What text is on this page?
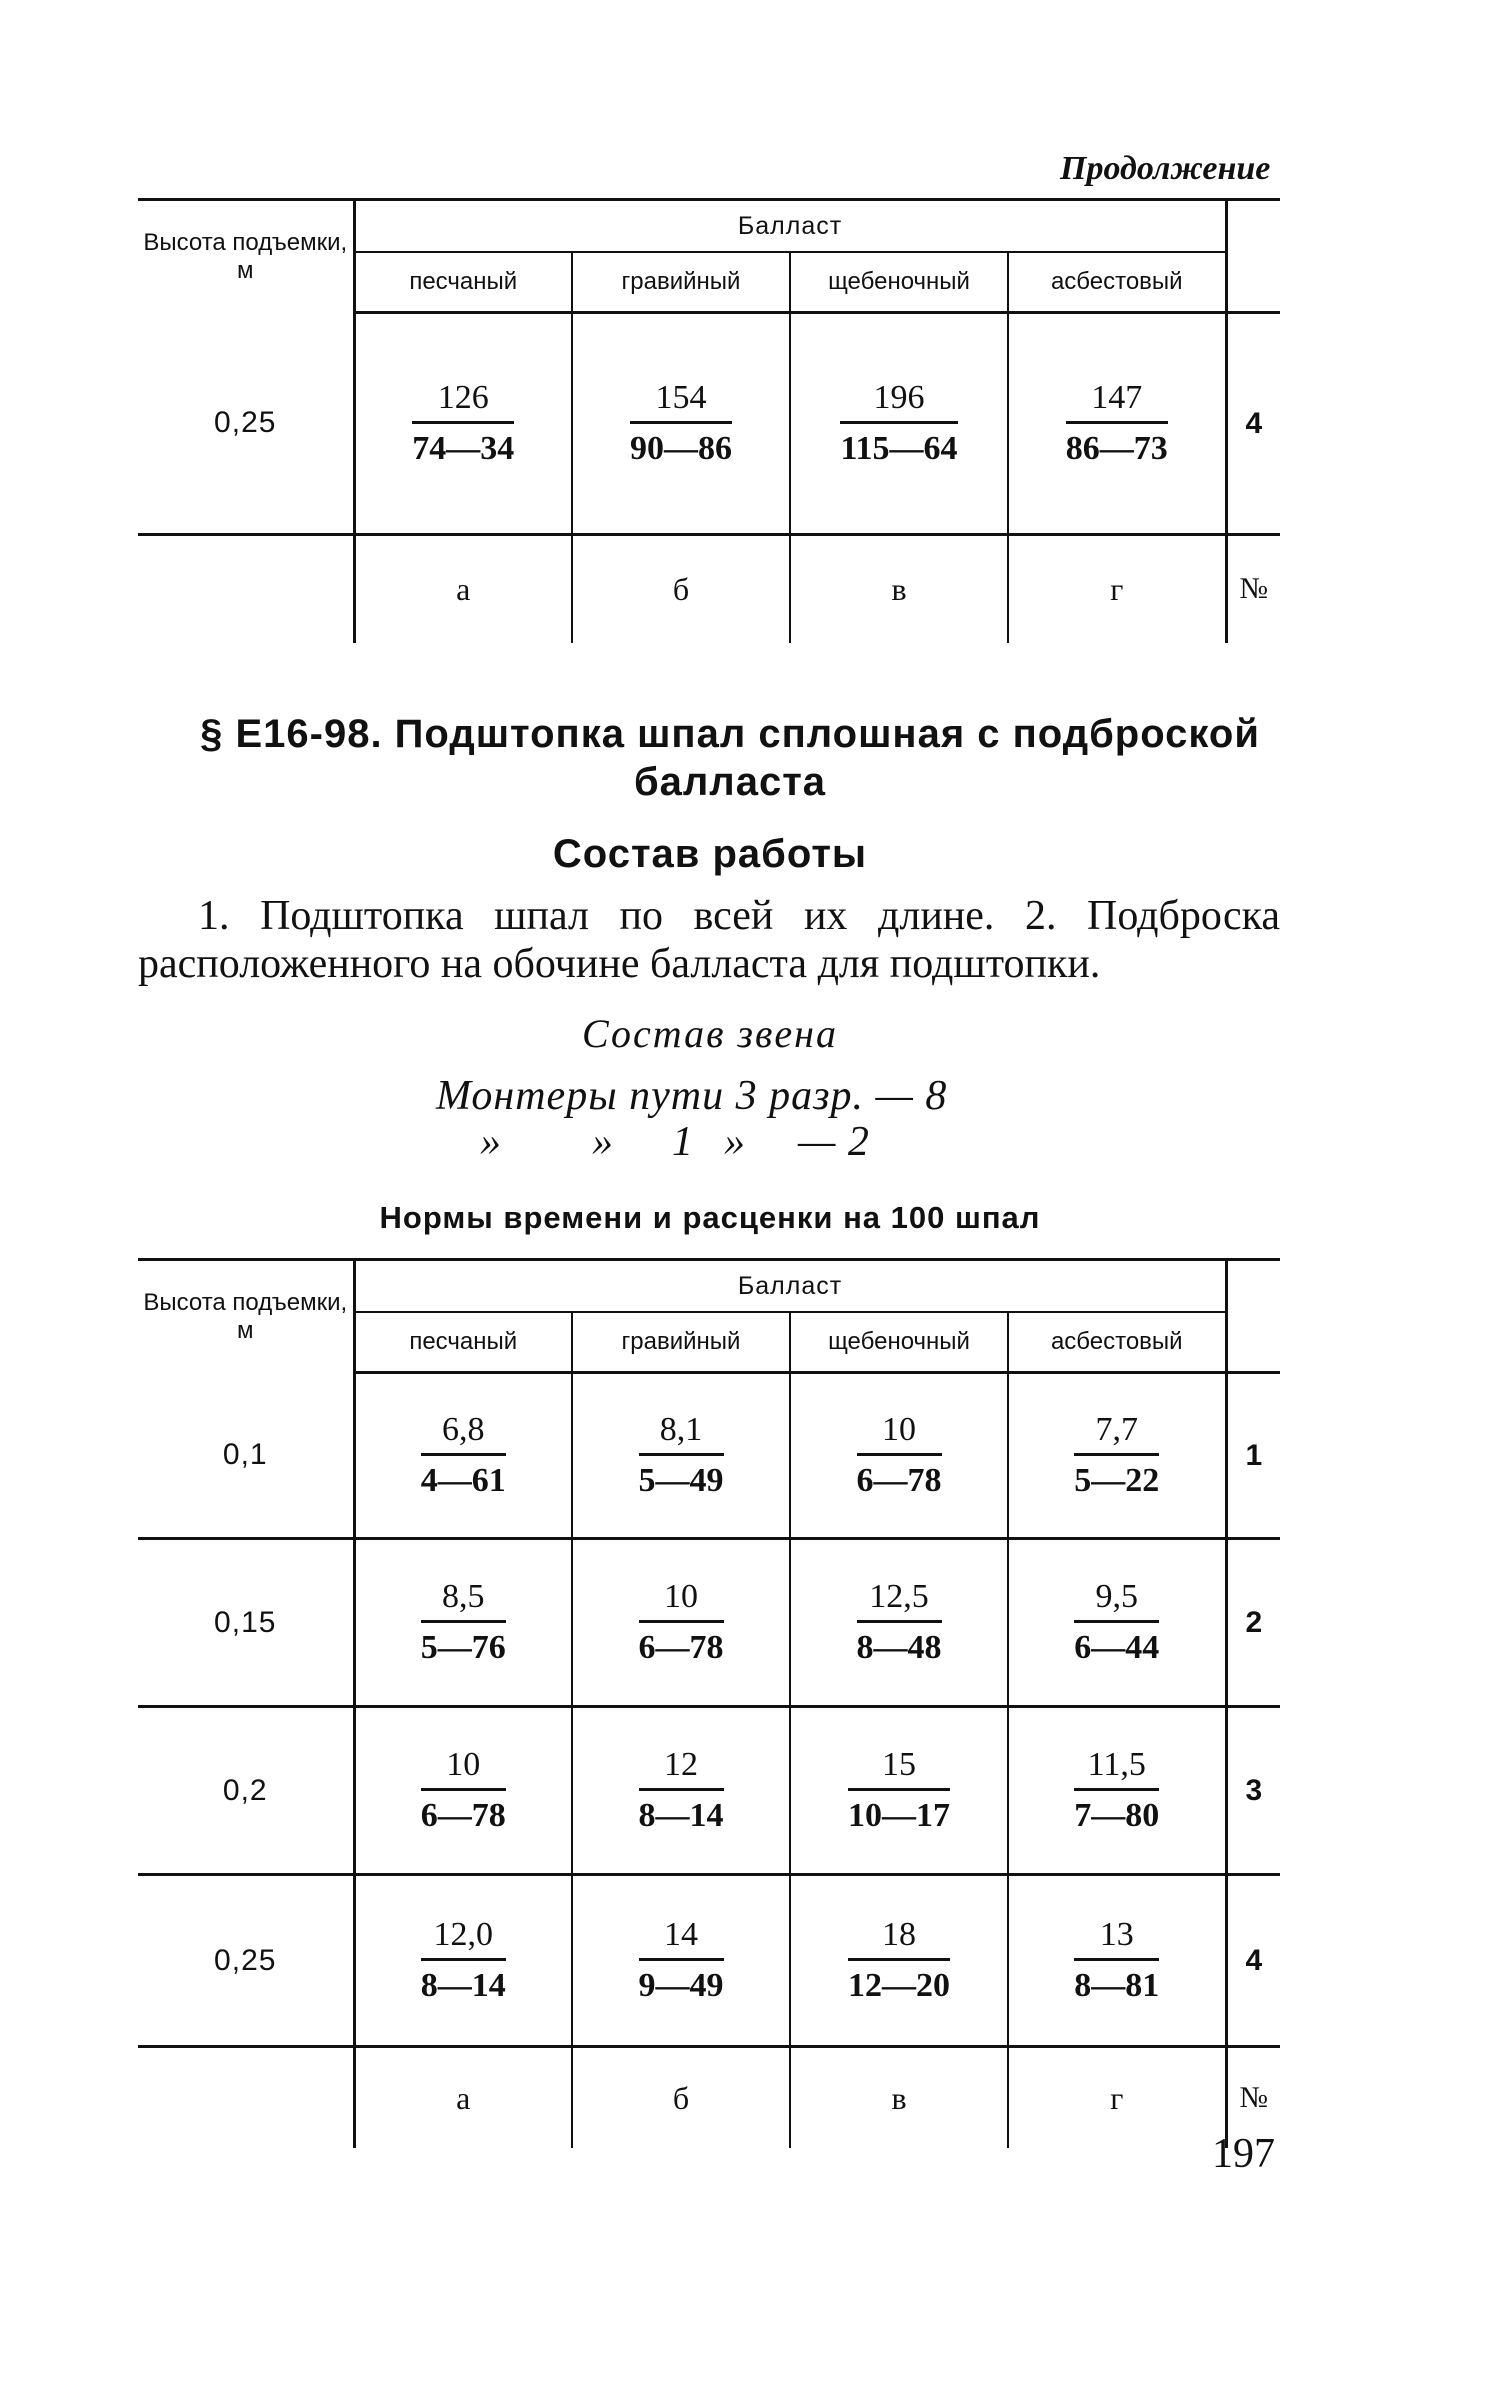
Продолжение
Высота подъемки, м	Балласт				
	песчаный	гравийный	щебеночный	асбестовый	
0,25	$\frac{126}{74—34}$	$\frac{154}{90—86}$	$\frac{196}{115—64}$	$\frac{147}{86—73}$	4
	а	б	в	г	№
§ Е16-98. Подштопка шпал сплошная с подброской балласта
Состав работы
1. Подштопка шпал по всей их длине. 2. Подброска расположенного на обочине балласта для подштопки.
Состав звена
Монтеры пути 3 разр. — 8
» » 1 » — 2
Нормы времени и расценки на 100 шпал
Высота подъемки, м	Балласт				
	песчаный	гравийный	щебеночный	асбестовый	
0,1	$\frac{6,8}{4—61}$	$\frac{8,1}{5—49}$	$\frac{10}{6—78}$	$\frac{7,7}{5—22}$	1
0,15	$\frac{8,5}{5—76}$	$\frac{10}{6—78}$	$\frac{12,5}{8—48}$	$\frac{9,5}{6—44}$	2
0,2	$\frac{10}{6—78}$	$\frac{12}{8—14}$	$\frac{15}{10—17}$	$\frac{11,5}{7—80}$	3
0,25	$\frac{12,0}{8—14}$	$\frac{14}{9—49}$	$\frac{18}{12—20}$	$\frac{13}{8—81}$	4
	а	б	в	г	№
197
